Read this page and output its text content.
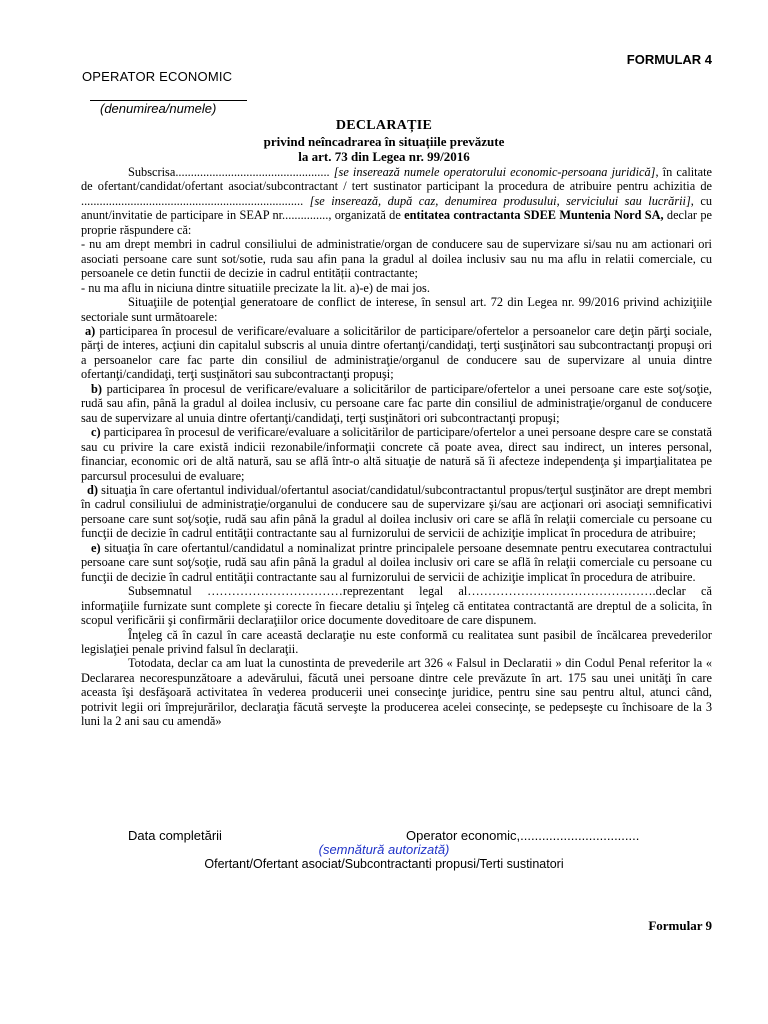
FORMULAR 4
OPERATOR ECONOMIC
(denumirea/numele)
DECLARAȚIE
privind neîncadrarea în situațiile prevăzute
la art. 73 din Legea nr. 99/2016

Subscrisa.................................................. [se inserează numele operatorului economic-persoana juridică], în calitate de ofertant/candidat/ofertant asociat/subcontractant / tert sustinator participant la procedura de atribuire pentru achizitia de ........................................................................ [se inserează, după caz, denumirea produsului, serviciului sau lucrării], cu anunt/invitatie de participare in SEAP nr..............., organizată de entitatea contractanta SDEE Muntenia Nord SA, declar pe proprie răspundere că:

- nu am drept membri in cadrul consiliului de administratie/organ de conducere sau de supervizare si/sau nu am actionari ori asociati persoane care sunt sot/sotie, ruda sau afin pana la gradul al doilea inclusiv sau nu ma aflu in relatii comerciale, cu persoanele ce detin functii de decizie in cadrul entității contractante;

- nu ma aflu in niciuna dintre situatiile precizate la lit. a)-e) de mai jos.

Situaţiile de potenţial generatoare de conflict de interese, în sensul art. 72 din Legea nr. 99/2016 privind achiziţiile sectoriale sunt următoarele:

a) participarea în procesul de verificare/evaluare a solicitărilor de participare/ofertelor a persoanelor care deţin părţi sociale, părţi de interes, acţiuni din capitalul subscris al unuia dintre ofertanţi/candidaţi, terţi susţinători sau subcontractanţi propuşi ori a persoanelor care fac parte din consiliul de administraţie/organul de conducere sau de supervizare al unuia dintre ofertanţi/candidaţi, terţi susţinători sau subcontractanţi propuşi;

b) participarea în procesul de verificare/evaluare a solicitărilor de participare/ofertelor a unei persoane care este soţ/soţie, rudă sau afin, până la gradul al doilea inclusiv, cu persoane care fac parte din consiliul de administraţie/organul de conducere sau de supervizare al unuia dintre ofertanţi/candidaţi, terţi susţinători ori subcontractanţi propuşi;

c) participarea în procesul de verificare/evaluare a solicitărilor de participare/ofertelor a unei persoane despre care se constată sau cu privire la care există indicii rezonabile/informaţii concrete că poate avea, direct sau indirect, un interes personal, financiar, economic ori de altă natură, sau se află într-o altă situaţie de natură să îi afecteze independenţa şi imparţialitatea pe parcursul procesului de evaluare;

d) situaţia în care ofertantul individual/ofertantul asociat/candidatul/subcontractantul propus/terţul susţinător are drept membri în cadrul consiliului de administraţie/organului de conducere sau de supervizare şi/sau are acţionari ori asociaţi semnificativi persoane care sunt soţ/soţie, rudă sau afin până la gradul al doilea inclusiv ori care se află în relaţii comerciale cu persoane cu funcţii de decizie în cadrul entităţii contractante sau al furnizorului de servicii de achiziţie implicat în procedura de atribuire;

e) situaţia în care ofertantul/candidatul a nominalizat printre principalele persoane desemnate pentru executarea contractului persoane care sunt soţ/soţie, rudă sau afin până la gradul al doilea inclusiv ori care se află în relaţii comerciale cu persoane cu funcţii de decizie în cadrul entităţii contractante sau al furnizorului de servicii de achiziţie implicat în procedura de atribuire.

Subsemnatul ……………………………reprezentant legal al……………………………………….declar că informaţiile furnizate sunt complete şi corecte în fiecare detaliu şi înţeleg că entitatea contractantă are dreptul de a solicita, în scopul verificării şi confirmării declaraţiilor orice documente doveditoare de care dispunem.

Înţeleg că în cazul în care această declaraţie nu este conformă cu realitatea sunt pasibil de încălcarea prevederilor legislaţiei penale privind falsul în declaraţii.

Totodata, declar ca am luat la cunostinta de prevederile art 326 « Falsul in Declaratii » din Codul Penal referitor la « Declararea necorespunzătoare a adevărului, făcută unei persoane dintre cele prevăzute în art. 175 sau unei unităţi în care aceasta îşi desfăşoară activitatea în vederea producerii unei consecinţe juridice, pentru sine sau pentru altul, atunci când, potrivit legii ori împrejurărilor, declaraţia făcută serveşte la producerea acelei consecinţe, se pedepseşte cu închisoare de la 3 luni la 2 ani sau cu amendă»

Data completării	Operator economic,.................................
(semnătură autorizată)
Ofertant/Ofertant asociat/Subcontractanti propusi/Terti sustinatori
Formular 9
